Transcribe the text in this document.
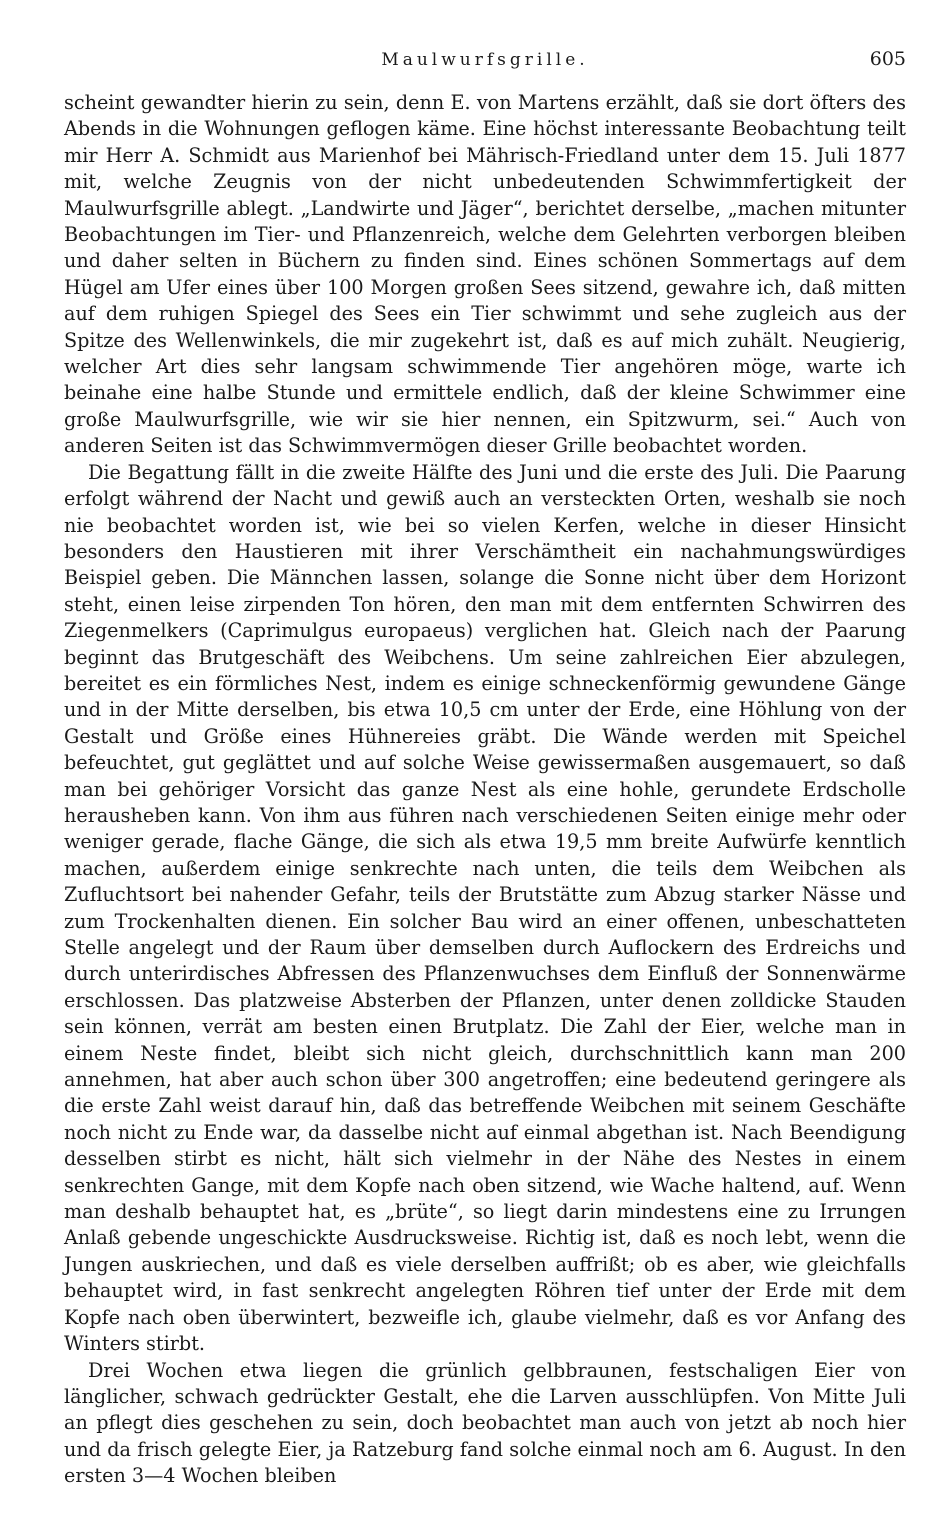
Maulwurfsgrille.	605

scheint gewandter hierin zu sein, denn E. von Martens erzählt, daß sie dort öfters des Abends in die Wohnungen geflogen käme. Eine höchst interessante Beobachtung teilt mir Herr A. Schmidt aus Marienhof bei Mährisch-Friedland unter dem 15. Juli 1877 mit, welche Zeugnis von der nicht unbedeutenden Schwimmfertigkeit der Maulwurfsgrille ablegt. „Landwirte und Jäger“, berichtet derselbe, „machen mitunter Beobachtungen im Tier- und Pflanzenreich, welche dem Gelehrten verborgen bleiben und daher selten in Büchern zu finden sind. Eines schönen Sommertags auf dem Hügel am Ufer eines über 100 Morgen großen Sees sitzend, gewahre ich, daß mitten auf dem ruhigen Spiegel des Sees ein Tier schwimmt und sehe zugleich aus der Spitze des Wellenwinkels, die mir zugekehrt ist, daß es auf mich zuhält. Neugierig, welcher Art dies sehr langsam schwimmende Tier angehören möge, warte ich beinahe eine halbe Stunde und ermittele endlich, daß der kleine Schwimmer eine große Maulwurfsgrille, wie wir sie hier nennen, ein Spitzwurm, sei.“ Auch von anderen Seiten ist das Schwimmvermögen dieser Grille beobachtet worden.

Die Begattung fällt in die zweite Hälfte des Juni und die erste des Juli. Die Paarung erfolgt während der Nacht und gewiß auch an versteckten Orten, weshalb sie noch nie beobachtet worden ist, wie bei so vielen Kerfen, welche in dieser Hinsicht besonders den Haustieren mit ihrer Verschämtheit ein nachahmungswürdiges Beispiel geben. Die Männchen lassen, solange die Sonne nicht über dem Horizont steht, einen leise zirpenden Ton hören, den man mit dem entfernten Schwirren des Ziegenmelkers (Caprimulgus europaeus) verglichen hat. Gleich nach der Paarung beginnt das Brutgeschäft des Weibchens. Um seine zahlreichen Eier abzulegen, bereitet es ein förmliches Nest, indem es einige schneckenförmig gewundene Gänge und in der Mitte derselben, bis etwa 10,5 cm unter der Erde, eine Höhlung von der Gestalt und Größe eines Hühnereies gräbt. Die Wände werden mit Speichel befeuchtet, gut geglättet und auf solche Weise gewissermaßen ausgemauert, so daß man bei gehöriger Vorsicht das ganze Nest als eine hohle, gerundete Erdscholle herausheben kann. Von ihm aus führen nach verschiedenen Seiten einige mehr oder weniger gerade, flache Gänge, die sich als etwa 19,5 mm breite Aufwürfe kenntlich machen, außerdem einige senkrechte nach unten, die teils dem Weibchen als Zufluchtsort bei nahender Gefahr, teils der Brutstätte zum Abzug starker Nässe und zum Trockenhalten dienen. Ein solcher Bau wird an einer offenen, unbeschatteten Stelle angelegt und der Raum über demselben durch Auflockern des Erdreichs und durch unterirdisches Abfressen des Pflanzenwuchses dem Einfluß der Sonnenwärme erschlossen. Das platzweise Absterben der Pflanzen, unter denen zolldicke Stauden sein können, verrät am besten einen Brutplatz. Die Zahl der Eier, welche man in einem Neste findet, bleibt sich nicht gleich, durchschnittlich kann man 200 annehmen, hat aber auch schon über 300 angetroffen; eine bedeutend geringere als die erste Zahl weist darauf hin, daß das betreffende Weibchen mit seinem Geschäfte noch nicht zu Ende war, da dasselbe nicht auf einmal abgethan ist. Nach Beendigung desselben stirbt es nicht, hält sich vielmehr in der Nähe des Nestes in einem senkrechten Gange, mit dem Kopfe nach oben sitzend, wie Wache haltend, auf. Wenn man deshalb behauptet hat, es „brüte“, so liegt darin mindestens eine zu Irrungen Anlaß gebende ungeschickte Ausdrucksweise. Richtig ist, daß es noch lebt, wenn die Jungen auskriechen, und daß es viele derselben auffrißt; ob es aber, wie gleichfalls behauptet wird, in fast senkrecht angelegten Röhren tief unter der Erde mit dem Kopfe nach oben überwintert, bezweifle ich, glaube vielmehr, daß es vor Anfang des Winters stirbt.

Drei Wochen etwa liegen die grünlich gelbbraunen, festschaligen Eier von länglicher, schwach gedrückter Gestalt, ehe die Larven ausschlüpfen. Von Mitte Juli an pflegt dies geschehen zu sein, doch beobachtet man auch von jetzt ab noch hier und da frisch gelegte Eier, ja Ratzeburg fand solche einmal noch am 6. August. In den ersten 3—4 Wochen bleiben
